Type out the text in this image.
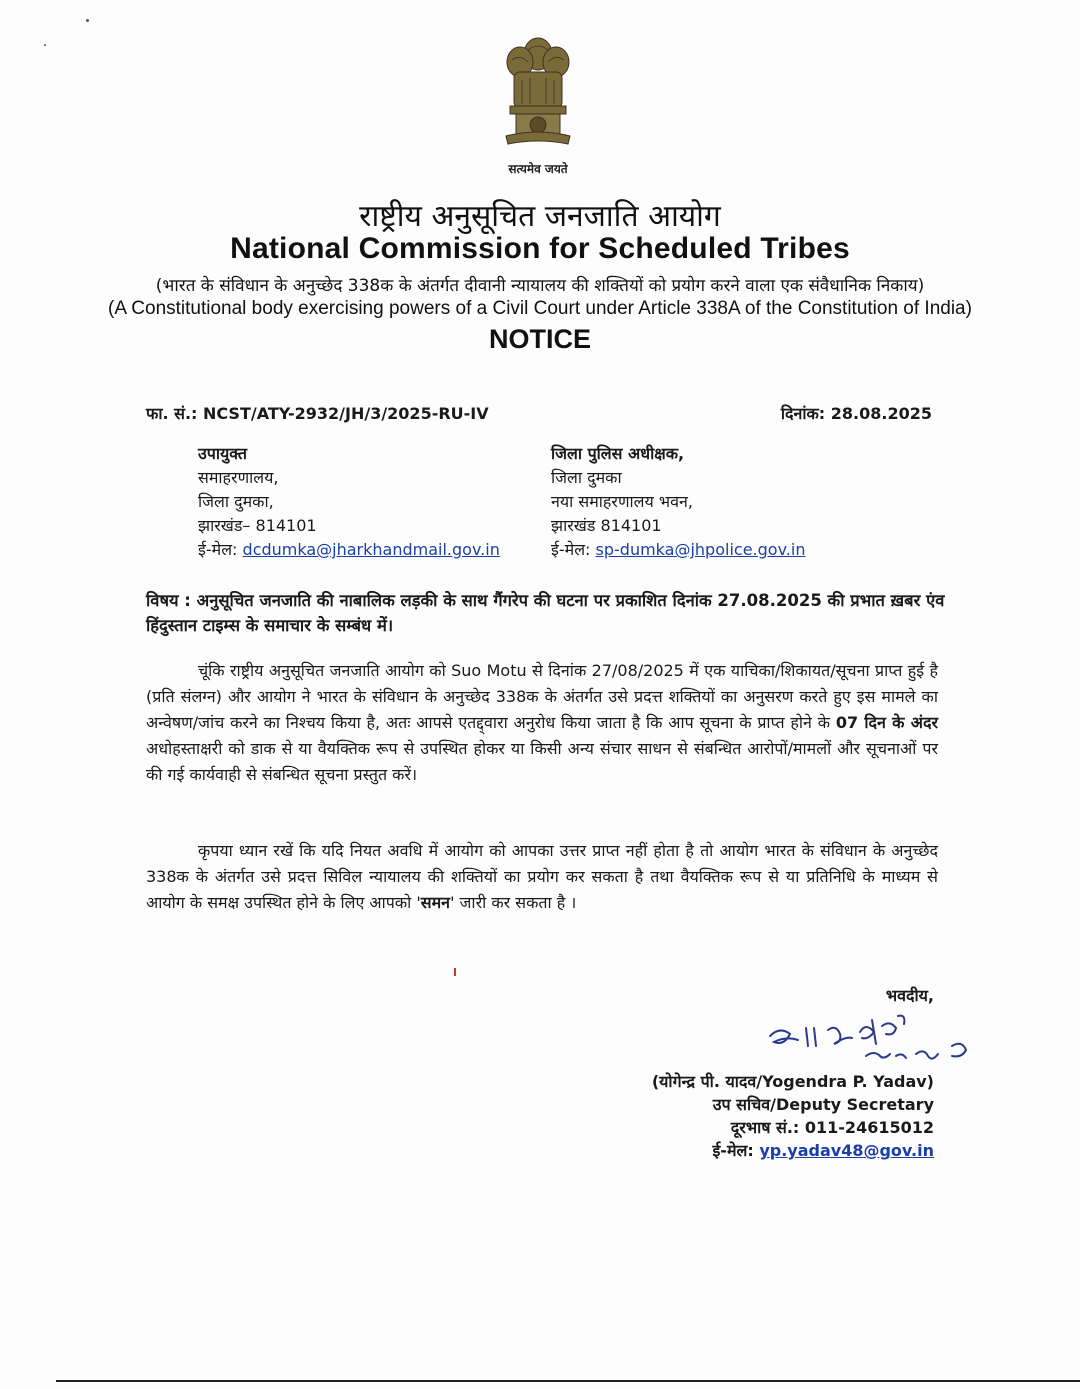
सत्यमेव जयते
राष्ट्रीय अनुसूचित जनजाति आयोग
National Commission for Scheduled Tribes
(भारत के संविधान के अनुच्छेद 338क के अंतर्गत दीवानी न्यायालय की शक्तियों को प्रयोग करने वाला एक संवैधानिक निकाय)
(A Constitutional body exercising powers of a Civil Court under Article 338A of the Constitution of India)
NOTICE
फा. सं.: NCST/ATY-2932/JH/3/2025-RU-IV	दिनांक: 28.08.2025
उपायुक्त
समाहरणालय,
जिला दुमका,
झारखंड– 814101
ई-मेल: dcdumka@jharkhandmail.gov.in
जिला पुलिस अधीक्षक,
जिला दुमका
नया समाहरणालय भवन,
झारखंड 814101
ई-मेल: sp-dumka@jhpolice.gov.in
विषय : अनुसूचित जनजाति की नाबालिक लड़की के साथ गैंगरेप की घटना पर प्रकाशित दिनांक 27.08.2025 की प्रभात ख़बर एंव हिंदुस्तान टाइम्स के समाचार के सम्बंध में।
चूंकि राष्ट्रीय अनुसूचित जनजाति आयोग को Suo Motu से दिनांक 27/08/2025 में एक याचिका/शिकायत/सूचना प्राप्त हुई है (प्रति संलग्न) और आयोग ने भारत के संविधान के अनुच्छेद 338क के अंतर्गत उसे प्रदत्त शक्तियों का अनुसरण करते हुए इस मामले का अन्वेषण/जांच करने का निश्चय किया है, अतः आपसे एतद्द्वारा अनुरोध किया जाता है कि आप सूचना के प्राप्त होने के 07 दिन के अंदर अधोहस्ताक्षरी को डाक से या वैयक्तिक रूप से उपस्थित होकर या किसी अन्य संचार साधन से संबन्धित आरोपों/मामलों और सूचनाओं पर की गई कार्यवाही से संबन्धित सूचना प्रस्तुत करें।
कृपया ध्यान रखें कि यदि नियत अवधि में आयोग को आपका उत्तर प्राप्त नहीं होता है तो आयोग भारत के संविधान के अनुच्छेद 338क के अंतर्गत उसे प्रदत्त सिविल न्यायालय की शक्तियों का प्रयोग कर सकता है तथा वैयक्तिक रूप से या प्रतिनिधि के माध्यम से आयोग के समक्ष उपस्थित होने के लिए आपको 'समन' जारी कर सकता है ।
भवदीय,
(योगेन्द्र पी. यादव/Yogendra P. Yadav)
उप सचिव/Deputy Secretary
दूरभाष सं.: 011-24615012
ई-मेल: yp.yadav48@gov.in
